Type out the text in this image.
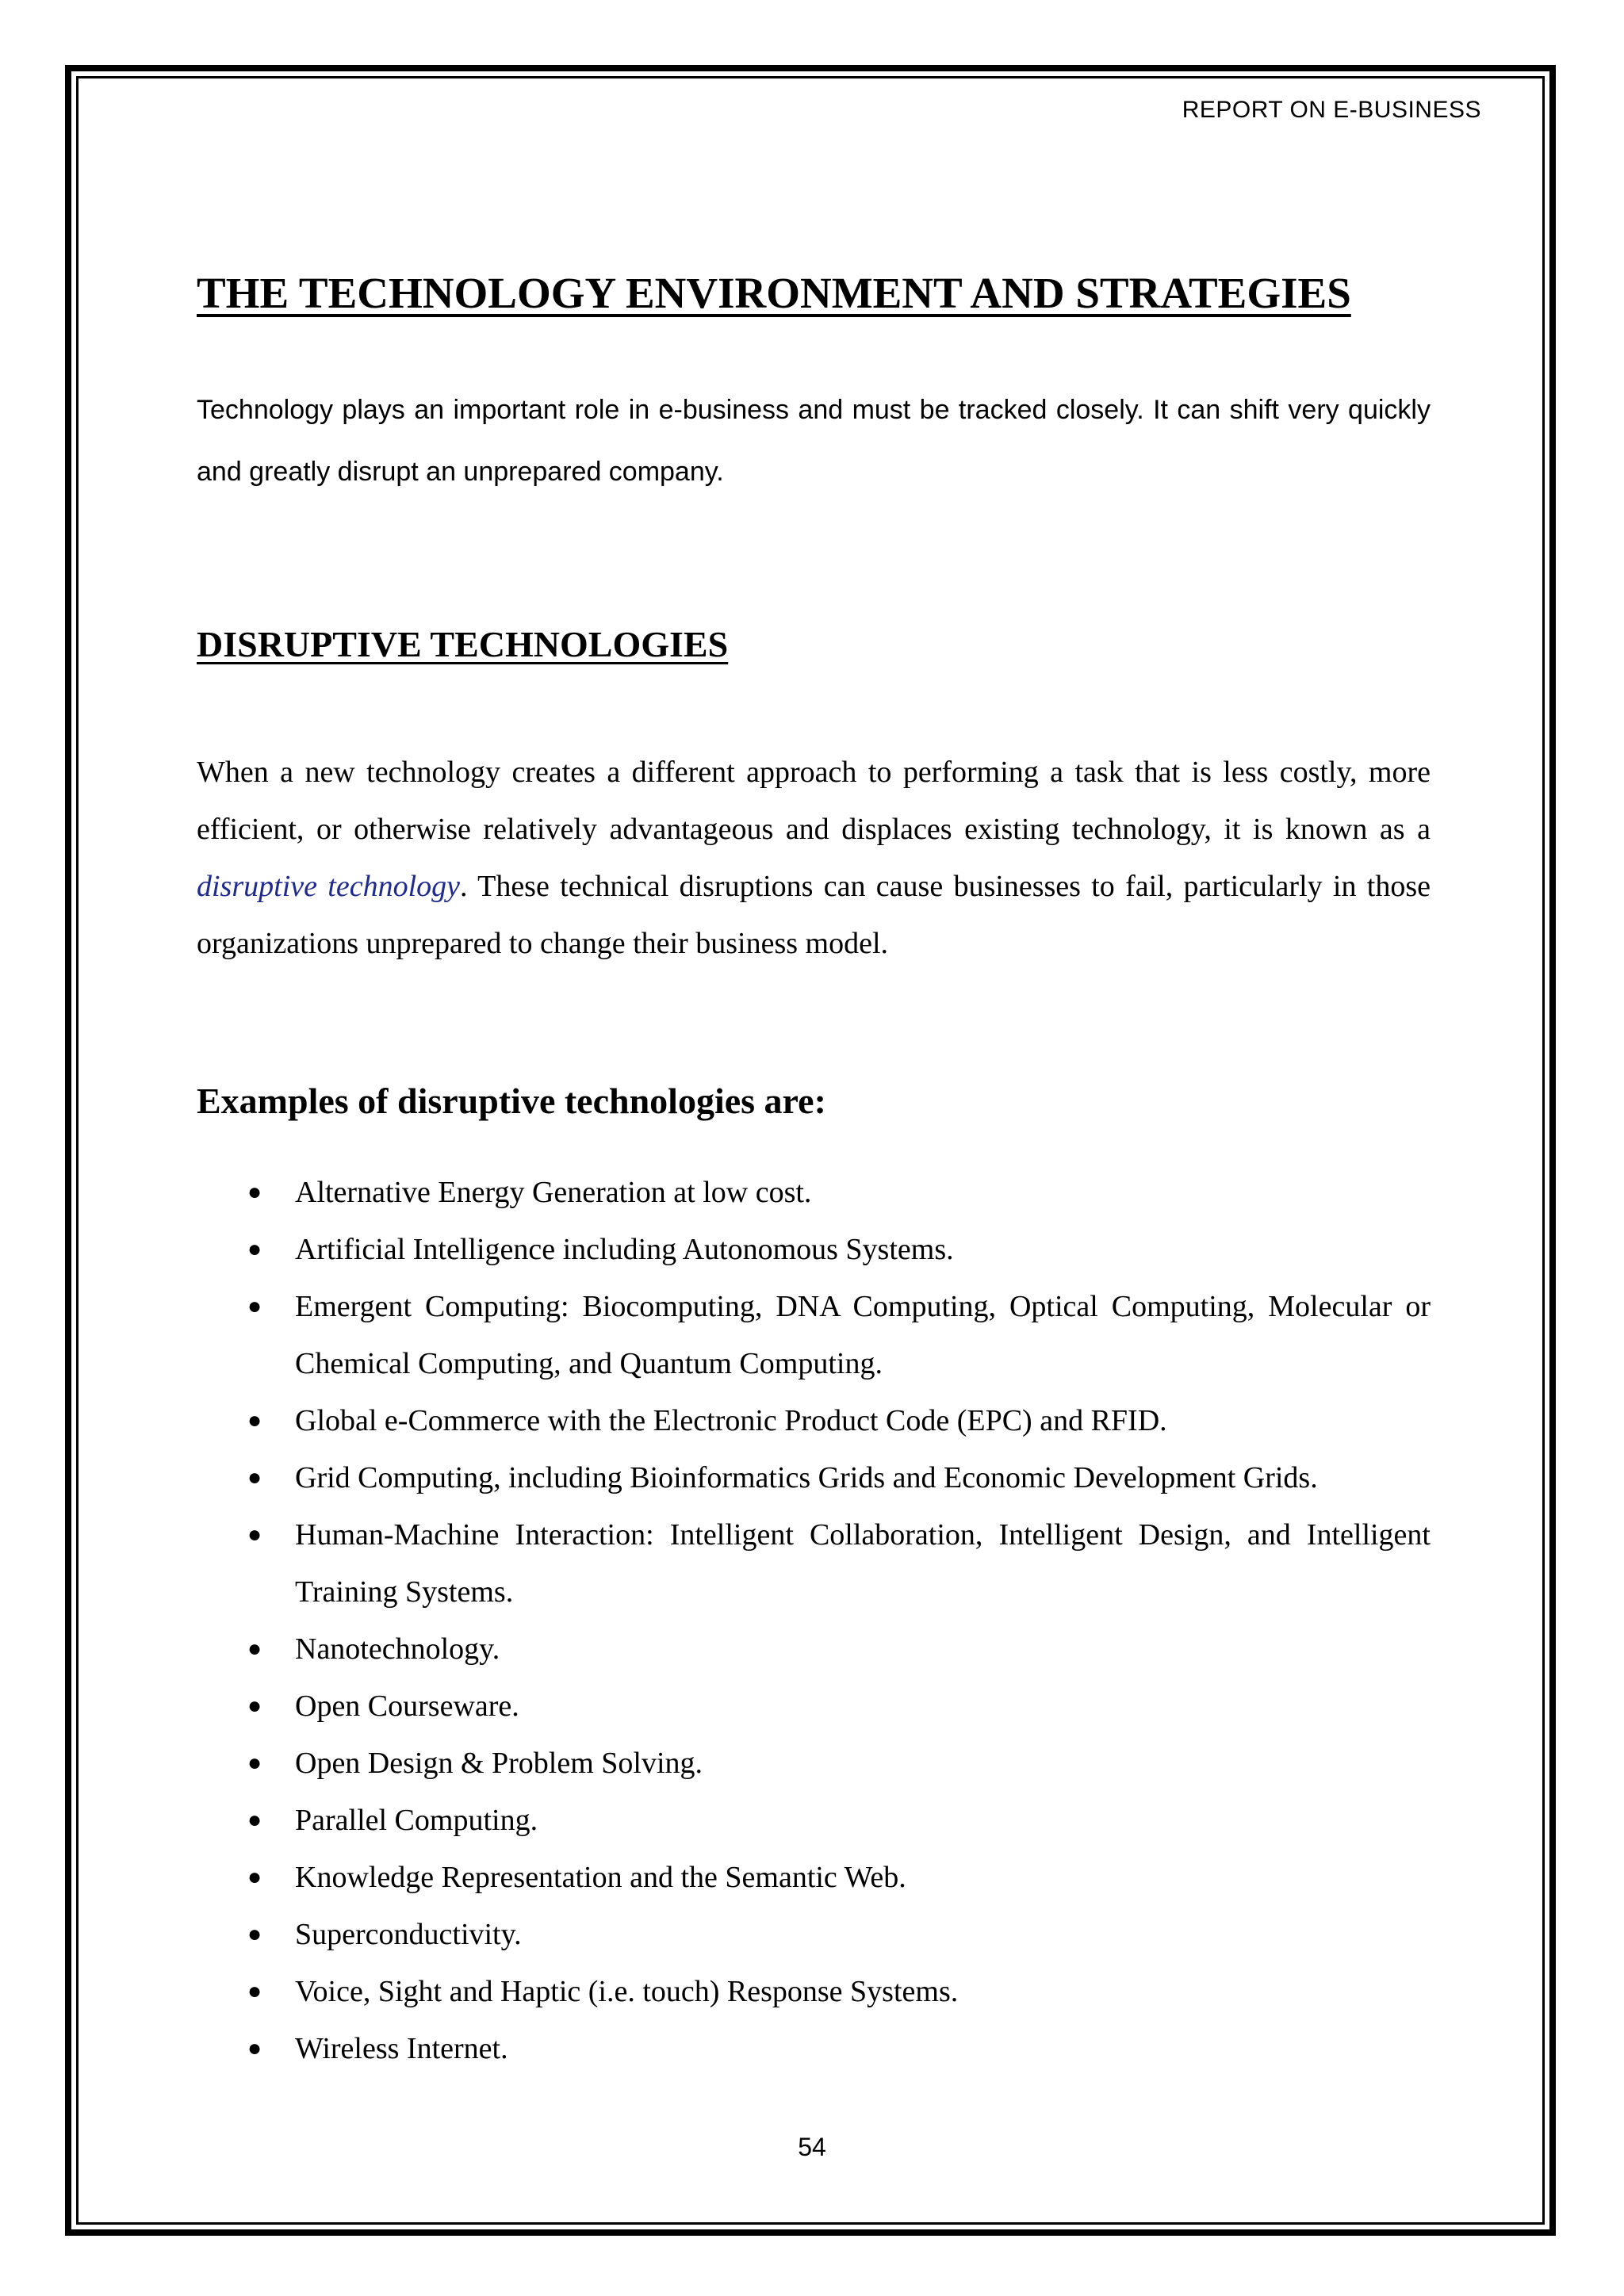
REPORT ON E-BUSINESS
THE TECHNOLOGY ENVIRONMENT AND STRATEGIES

Technology plays an important role in e-business and must be tracked closely. It can shift very quickly and greatly disrupt an unprepared company.

DISRUPTIVE TECHNOLOGIES

When a new technology creates a different approach to performing a task that is less costly, more efficient, or otherwise relatively advantageous and displaces existing technology, it is known as a disruptive technology. These technical disruptions can cause businesses to fail, particularly in those organizations unprepared to change their business model.

Examples of disruptive technologies are:
● Alternative Energy Generation at low cost.
● Artificial Intelligence including Autonomous Systems.
● Emergent Computing: Biocomputing, DNA Computing, Optical Computing, Molecular or Chemical Computing, and Quantum Computing.
● Global e-Commerce with the Electronic Product Code (EPC) and RFID.
● Grid Computing, including Bioinformatics Grids and Economic Development Grids.
● Human-Machine Interaction: Intelligent Collaboration, Intelligent Design, and Intelligent Training Systems.
● Nanotechnology.
● Open Courseware.
● Open Design & Problem Solving.
● Parallel Computing.
● Knowledge Representation and the Semantic Web.
● Superconductivity.
● Voice, Sight and Haptic (i.e. touch) Response Systems.
● Wireless Internet.
54
